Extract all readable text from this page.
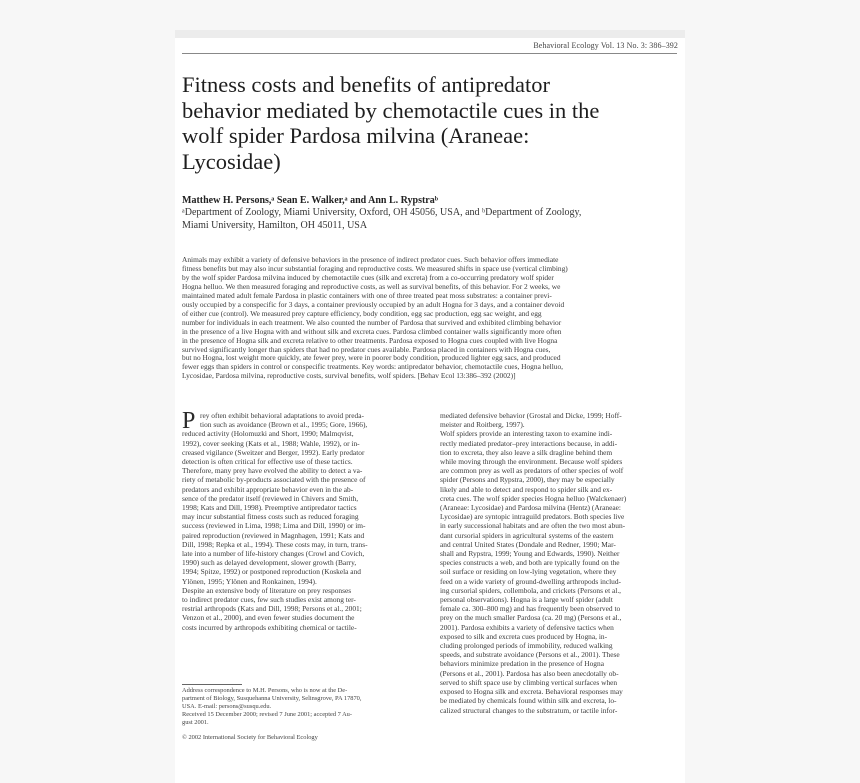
Behavioral Ecology Vol. 13 No. 3: 386–392
Fitness costs and benefits of antipredator
behavior mediated by chemotactile cues in the
wolf spider Pardosa milvina (Araneae:
Lycosidae)
Matthew H. Persons,ᵃ Sean E. Walker,ᵃ and Ann L. Rypstraᵇ
ᵃDepartment of Zoology, Miami University, Oxford, OH 45056, USA, and ᵇDepartment of Zoology,
Miami University, Hamilton, OH 45011, USA
Animals may exhibit a variety of defensive behaviors in the presence of indirect predator cues. Such behavior offers immediate
fitness benefits but may also incur substantial foraging and reproductive costs. We measured shifts in space use (vertical climbing)
by the wolf spider Pardosa milvina induced by chemotactile cues (silk and excreta) from a co-occurring predatory wolf spider
Hogna helluo. We then measured foraging and reproductive costs, as well as survival benefits, of this behavior. For 2 weeks, we
maintained mated adult female Pardosa in plastic containers with one of three treated peat moss substrates: a container previ-
ously occupied by a conspecific for 3 days, a container previously occupied by an adult Hogna for 3 days, and a container devoid
of either cue (control). We measured prey capture efficiency, body condition, egg sac production, egg sac weight, and egg
number for individuals in each treatment. We also counted the number of Pardosa that survived and exhibited climbing behavior
in the presence of a live Hogna with and without silk and excreta cues. Pardosa climbed container walls significantly more often
in the presence of Hogna silk and excreta relative to other treatments. Pardosa exposed to Hogna cues coupled with live Hogna
survived significantly longer than spiders that had no predator cues available. Pardosa placed in containers with Hogna cues,
but no Hogna, lost weight more quickly, ate fewer prey, were in poorer body condition, produced lighter egg sacs, and produced
fewer eggs than spiders in control or conspecific treatments. Key words: antipredator behavior, chemotactile cues, Hogna helluo,
Lycosidae, Pardosa milvina, reproductive costs, survival benefits, wolf spiders. [Behav Ecol 13:386–392 (2002)]
P rey often exhibit behavioral adaptations to avoid preda-
tion such as avoidance (Brown et al., 1995; Gore, 1966),
reduced activity (Holomuzki and Short, 1990; Malmqvist,
1992), cover seeking (Kats et al., 1988; Wahle, 1992), or in-
creased vigilance (Sweitzer and Berger, 1992). Early predator
detection is often critical for effective use of these tactics.
Therefore, many prey have evolved the ability to detect a va-
riety of metabolic by-products associated with the presence of
predators and exhibit appropriate behavior even in the ab-
sence of the predator itself (reviewed in Chivers and Smith,
1998; Kats and Dill, 1998). Preemptive antipredator tactics
may incur substantial fitness costs such as reduced foraging
success (reviewed in Lima, 1998; Lima and Dill, 1990) or im-
paired reproduction (reviewed in Magnhagen, 1991; Kats and
Dill, 1998; Repka et al., 1994). These costs may, in turn, trans-
late into a number of life-history changes (Crowl and Covich,
1990) such as delayed development, slower growth (Barry,
1994; Spitze, 1992) or postponed reproduction (Koskela and
Ylönen, 1995; Ylönen and Ronkainen, 1994).
Despite an extensive body of literature on prey responses
to indirect predator cues, few such studies exist among ter-
restrial arthropods (Kats and Dill, 1998; Persons et al., 2001;
Venzon et al., 2000), and even fewer studies document the
costs incurred by arthropods exhibiting chemical or tactile-
Address correspondence to M.H. Persons, who is now at the De-
partment of Biology, Susquehanna University, Selinsgrove, PA 17870,
USA. E-mail: persons@susqu.edu.
Received 15 December 2000; revised 7 June 2001; accepted 7 Au-
gust 2001.
© 2002 International Society for Behavioral Ecology
mediated defensive behavior (Grostal and Dicke, 1999; Hoff-
meister and Roitberg, 1997).
Wolf spiders provide an interesting taxon to examine indi-
rectly mediated predator–prey interactions because, in addi-
tion to excreta, they also leave a silk dragline behind them
while moving through the environment. Because wolf spiders
are common prey as well as predators of other species of wolf
spider (Persons and Rypstra, 2000), they may be especially
likely and able to detect and respond to spider silk and ex-
creta cues. The wolf spider species Hogna helluo (Walckenaer)
(Araneae: Lycosidae) and Pardosa milvina (Hentz) (Araneae:
Lycosidae) are syntopic intraguild predators. Both species live
in early successional habitats and are often the two most abun-
dant cursorial spiders in agricultural systems of the eastern
and central United States (Dondale and Redner, 1990; Mar-
shall and Rypstra, 1999; Young and Edwards, 1990). Neither
species constructs a web, and both are typically found on the
soil surface or residing on low-lying vegetation, where they
feed on a wide variety of ground-dwelling arthropods includ-
ing cursorial spiders, collembola, and crickets (Persons et al.,
personal observations). Hogna is a large wolf spider (adult
female ca. 300–800 mg) and has frequently been observed to
prey on the much smaller Pardosa (ca. 20 mg) (Persons et al.,
2001). Pardosa exhibits a variety of defensive tactics when
exposed to silk and excreta cues produced by Hogna, in-
cluding prolonged periods of immobility, reduced walking
speeds, and substrate avoidance (Persons et al., 2001). These
behaviors minimize predation in the presence of Hogna
(Persons et al., 2001). Pardosa has also been anecdotally ob-
served to shift space use by climbing vertical surfaces when
exposed to Hogna silk and excreta. Behavioral responses may
be mediated by chemicals found within silk and excreta, lo-
calized structural changes to the substratum, or tactile infor-
